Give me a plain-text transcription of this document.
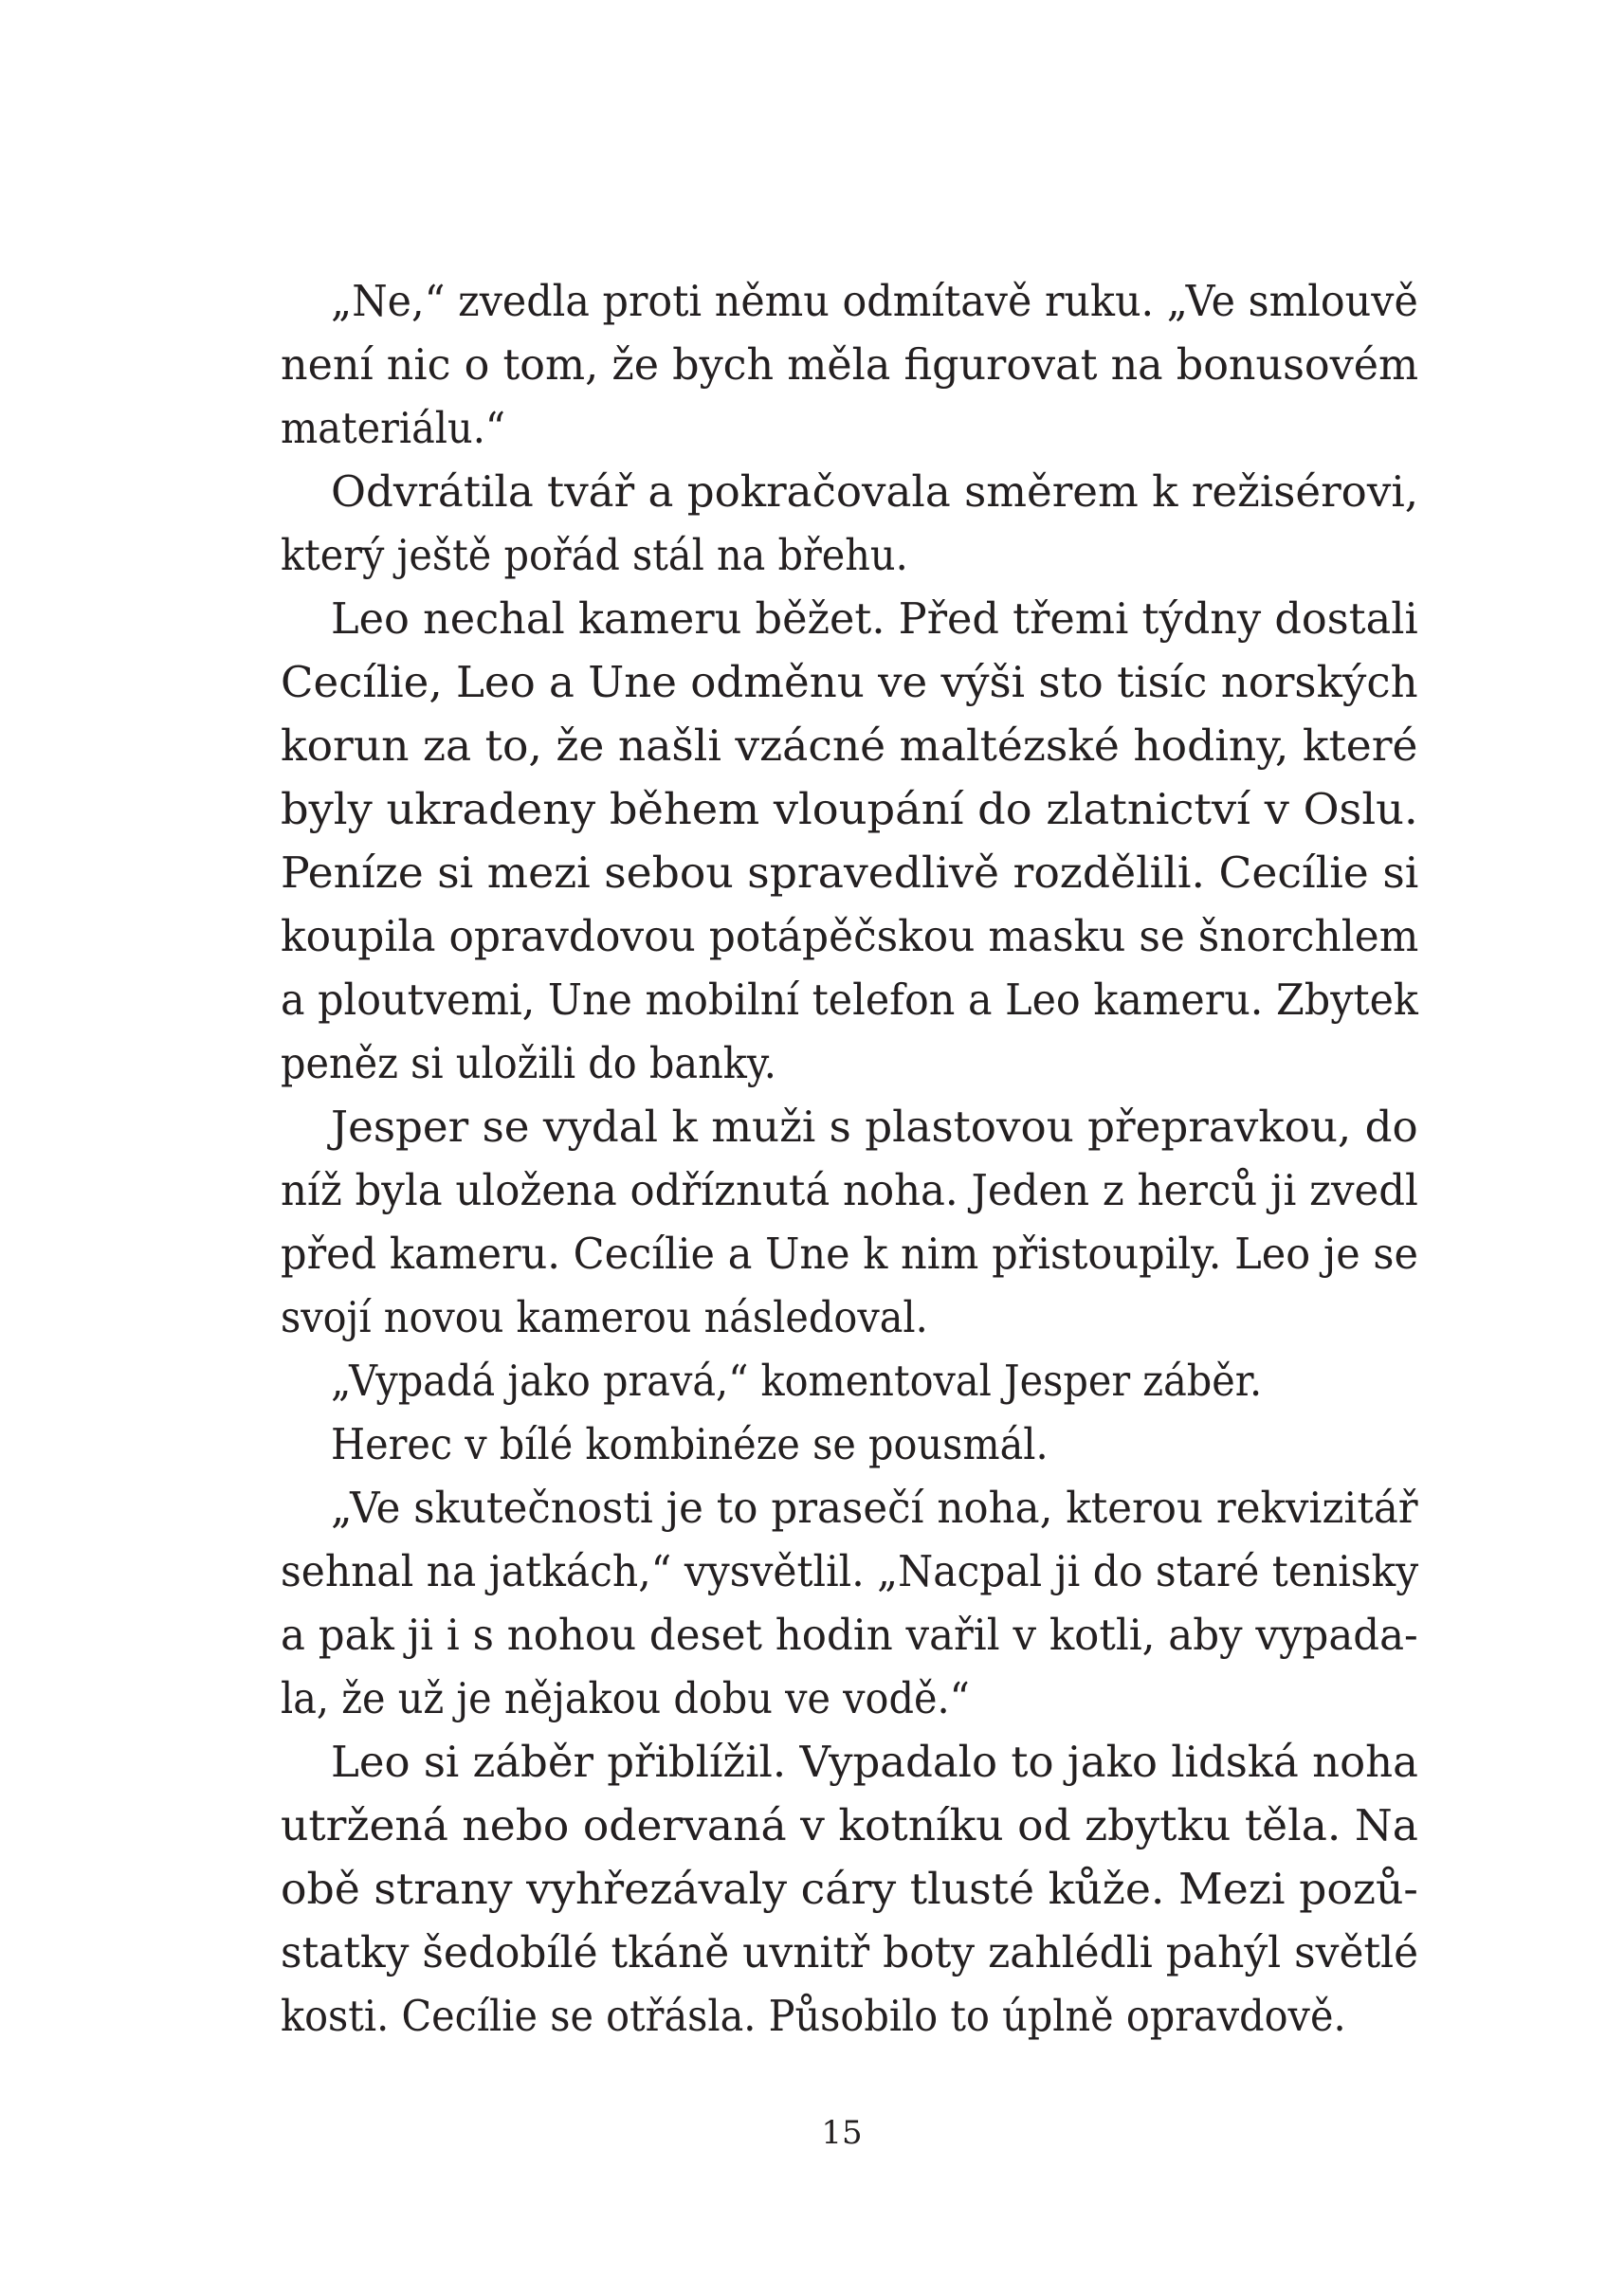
„Ne,“ zvedla proti němu odmítavě ruku. „Ve smlouvě
není nic o tom, že bych měla figurovat na bonusovém
materiálu.“
Odvrátila tvář a pokračovala směrem k režisérovi,
který ještě pořád stál na břehu.
Leo nechal kameru běžet. Před třemi týdny dostali
Cecílie, Leo a Une odměnu ve výši sto tisíc norských
korun za to, že našli vzácné maltézské hodiny, které
byly ukradeny během vloupání do zlatnictví v Oslu.
Peníze si mezi sebou spravedlivě rozdělili. Cecílie si
koupila opravdovou potápěčskou masku se šnorchlem
a ploutvemi, Une mobilní telefon a Leo kameru. Zbytek
peněz si uložili do banky.
Jesper se vydal k muži s plastovou přepravkou, do
níž byla uložena odříznutá noha. Jeden z herců ji zvedl
před kameru. Cecílie a Une k nim přistoupily. Leo je se
svojí novou kamerou následoval.
„Vypadá jako pravá,“ komentoval Jesper záběr.
Herec v bílé kombinéze se pousmál.
„Ve skutečnosti je to prasečí noha, kterou rekvizitář
sehnal na jatkách,“ vysvětlil. „Nacpal ji do staré tenisky
a pak ji i s nohou deset hodin vařil v kotli, aby vypada-
la, že už je nějakou dobu ve vodě.“
Leo si záběr přiblížil. Vypadalo to jako lidská noha
utržená nebo odervaná v kotníku od zbytku těla. Na
obě strany vyhřezávaly cáry tlusté kůže. Mezi pozů-
statky šedobílé tkáně uvnitř boty zahlédli pahýl světlé
kosti. Cecílie se otřásla. Působilo to úplně opravdově.
15
